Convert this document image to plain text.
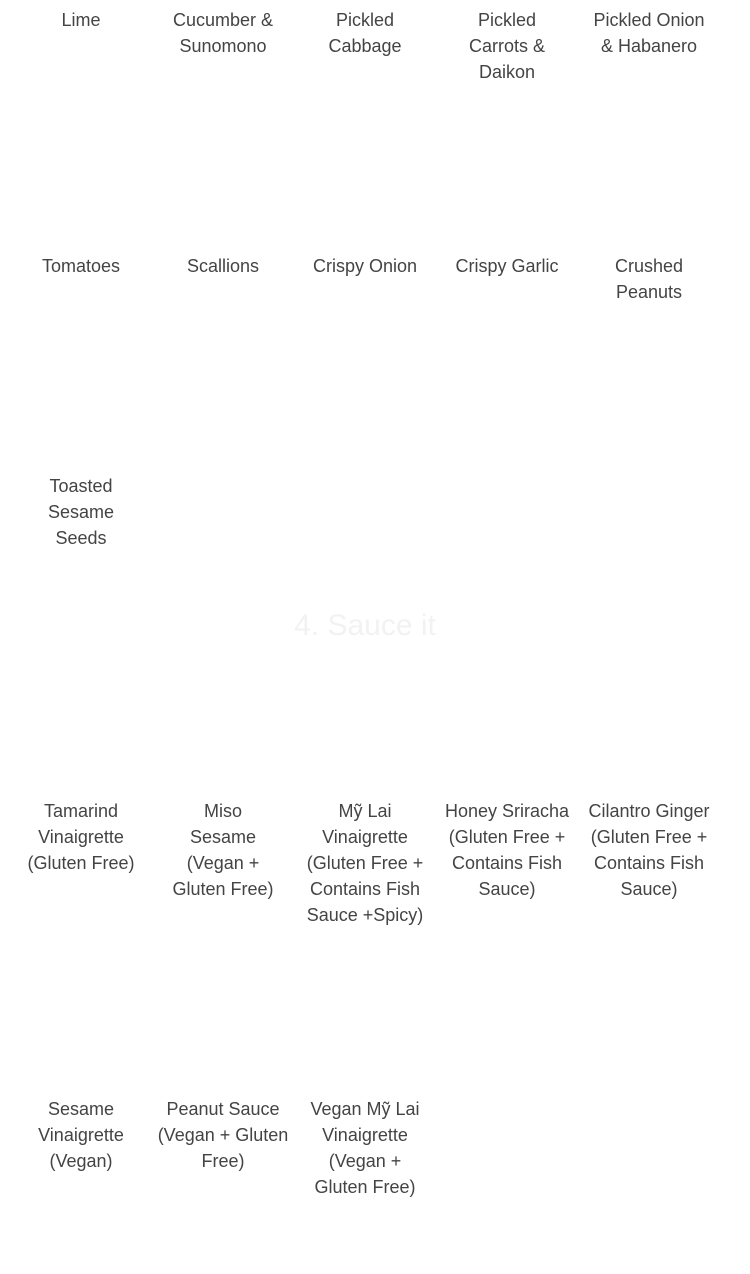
Lime	Cucumber & Sunomono
Pickled Cabbage
Pickled Carrots & Daikon
Pickled Onion & Habanero
Tomatoes	Scallions	Crispy Onion	Crispy Garlic	Crushed Peanuts
Toasted Sesame Seeds
4. Sauce it
Tamarind Vinaigrette (Gluten Free)
Miso Sesame (Vegan + Gluten Free)
Mỹ Lai Vinaigrette (Gluten Free + Contains Fish Sauce +Spicy)
Honey Sriracha (Gluten Free + Contains Fish Sauce)
Cilantro Ginger (Gluten Free + Contains Fish Sauce)
Sesame Vinaigrette (Vegan)
Peanut Sauce (Vegan + Gluten Free)
Vegan Mỹ Lai Vinaigrette (Vegan + Gluten Free)
